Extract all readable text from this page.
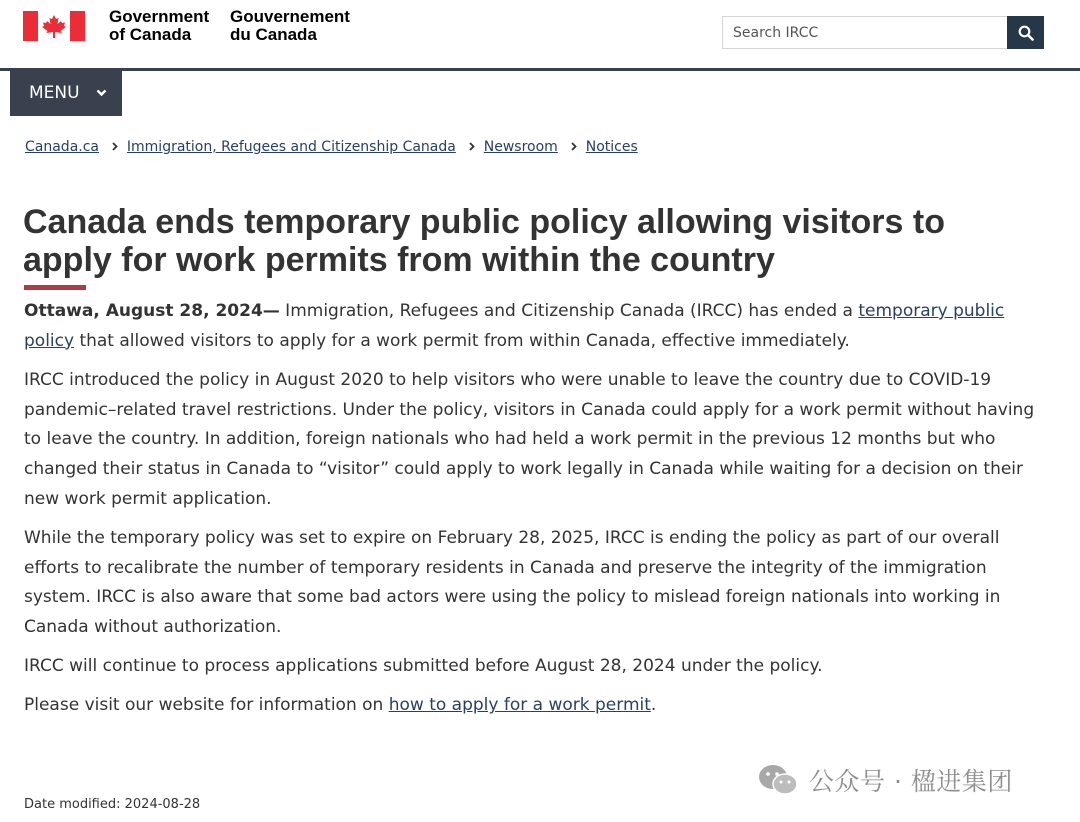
Government
of Canada
Gouvernement
du Canada
Search IRCC
MENU
Canada.ca Immigration, Refugees and Citizenship Canada Newsroom Notices
Canada ends temporary public policy allowing visitors to apply for work permits from within the country

Ottawa, August 28, 2024— Immigration, Refugees and Citizenship Canada (IRCC) has ended a temporary public policy that allowed visitors to apply for a work permit from within Canada, effective immediately.

IRCC introduced the policy in August 2020 to help visitors who were unable to leave the country due to COVID-19 pandemic–related travel restrictions. Under the policy, visitors in Canada could apply for a work permit without having to leave the country. In addition, foreign nationals who had held a work permit in the previous 12 months but who changed their status in Canada to “visitor” could apply to work legally in Canada while waiting for a decision on their new work permit application.

While the temporary policy was set to expire on February 28, 2025, IRCC is ending the policy as part of our overall efforts to recalibrate the number of temporary residents in Canada and preserve the integrity of the immigration system. IRCC is also aware that some bad actors were using the policy to mislead foreign nationals into working in Canada without authorization.

IRCC will continue to process applications submitted before August 28, 2024 under the policy.

Please visit our website for information on how to apply for a work permit.

公众号 · 楹进集团
Date modified: 2024-08-28
